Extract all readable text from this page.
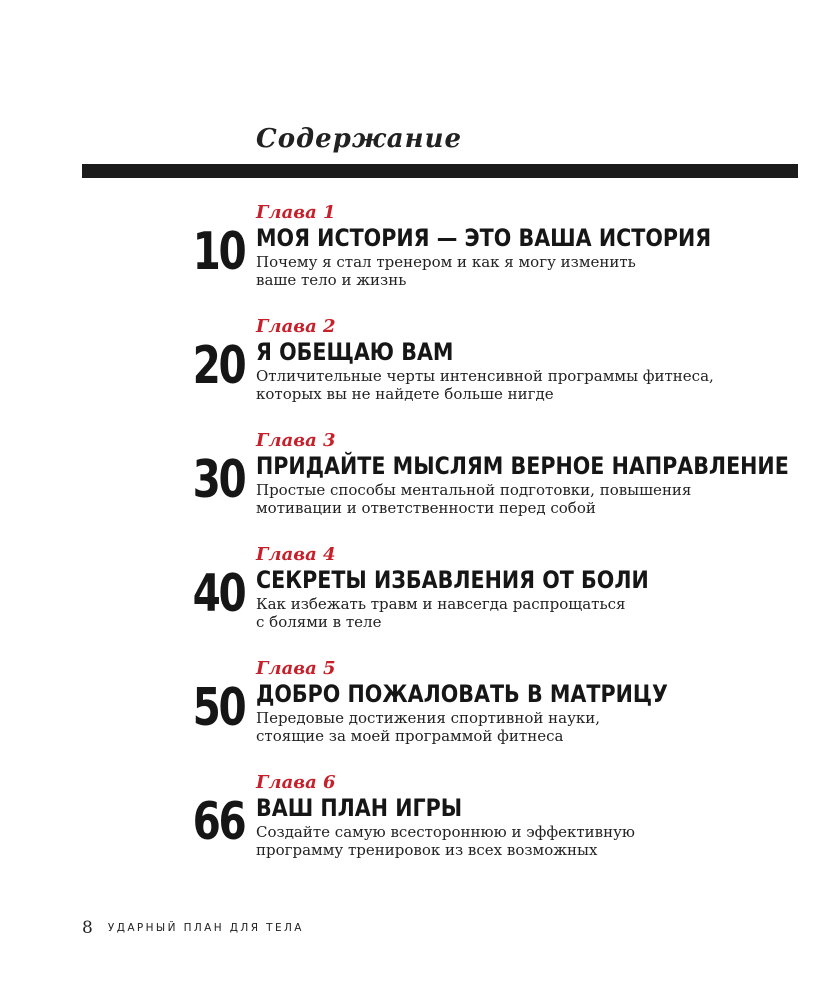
Содержание
Глава 1
10 МОЯ ИСТОРИЯ — ЭТО ВАША ИСТОРИЯ

Почему я стал тренером и как я могу изменить
ваше тело и жизнь

Глава 2
20 Я ОБЕЩАЮ ВАМ

Отличительные черты интенсивной программы фитнеса,
которых вы не найдете больше нигде

Глава 3
30 ПРИДАЙТЕ МЫСЛЯМ ВЕРНОЕ НАПРАВЛЕНИЕ

Простые способы ментальной подготовки, повышения
мотивации и ответственности перед собой

Глава 4
40 СЕКРЕТЫ ИЗБАВЛЕНИЯ ОТ БОЛИ

Как избежать травм и навсегда распрощаться
с болями в теле

Глава 5
50 ДОБРО ПОЖАЛОВАТЬ В МАТРИЦУ

Передовые достижения спортивной науки,
стоящие за моей программой фитнеса

Глава 6
66 ВАШ ПЛАН ИГРЫ

Создайте самую всестороннюю и эффективную
программу тренировок из всех возможных

8 УДАРНЫЙ ПЛАН ДЛЯ ТЕЛА
